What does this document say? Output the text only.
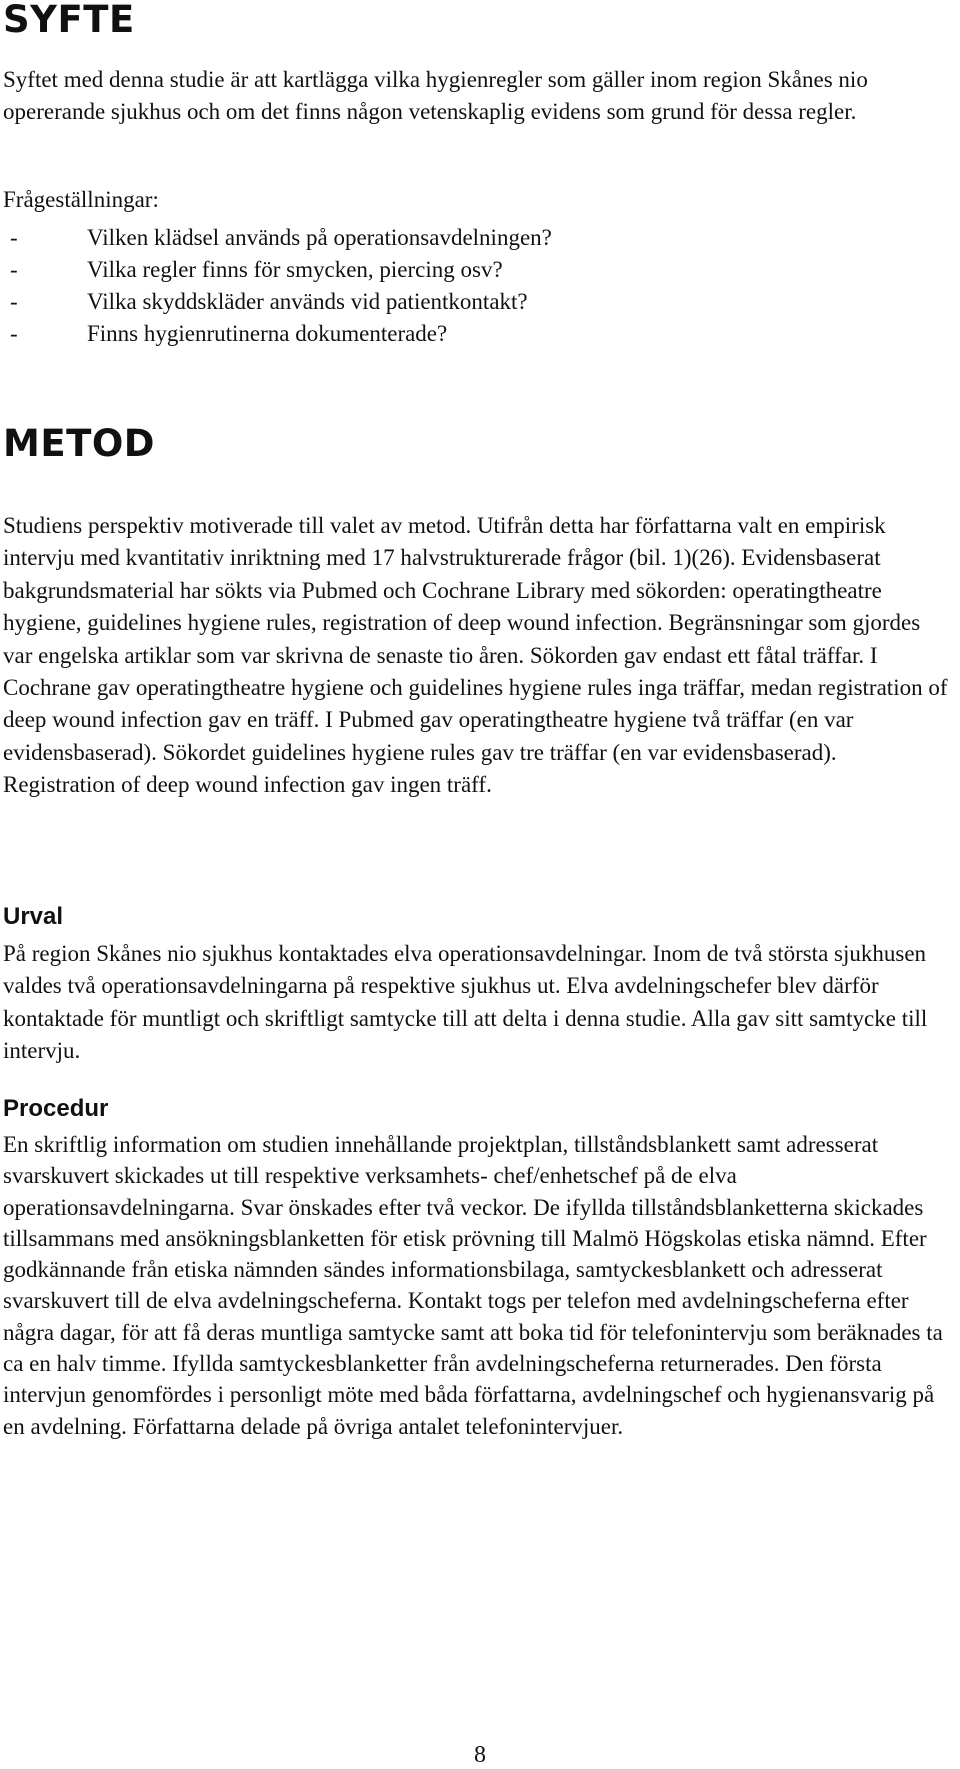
SYFTE

Syftet med denna studie är att kartlägga vilka hygienregler som gäller inom region Skånes nio opererande sjukhus och om det finns någon vetenskaplig evidens som grund för dessa regler.

Frågeställningar:

-	Vilken klädsel används på operationsavdelningen?
-	Vilka regler finns för smycken, piercing osv?
-	Vilka skyddskläder används vid patientkontakt?
-	Finns hygienrutinerna dokumenterade?
METOD

Studiens perspektiv motiverade till valet av metod. Utifrån detta har författarna valt en empirisk intervju med kvantitativ inriktning med 17 halvstrukturerade frågor (bil. 1)(26). Evidensbaserat bakgrundsmaterial har sökts via Pubmed och Cochrane Library med sökorden: operatingtheatre hygiene, guidelines hygiene rules, registration of deep wound infection. Begränsningar som gjordes var engelska artiklar som var skrivna de senaste tio åren. Sökorden gav endast ett fåtal träffar. I Cochrane gav operatingtheatre hygiene och guidelines hygiene rules inga träffar, medan registration of deep wound infection gav en träff. I Pubmed gav operatingtheatre hygiene två träffar (en var evidensbaserad). Sökordet guidelines hygiene rules gav tre träffar (en var evidensbaserad). Registration of deep wound infection gav ingen träff.

Urval

På region Skånes nio sjukhus kontaktades elva operationsavdelningar. Inom de två största sjukhusen valdes två operationsavdelningarna på respektive sjukhus ut. Elva avdelningschefer blev därför kontaktade för muntligt och skriftligt samtycke till att delta i denna studie. Alla gav sitt samtycke till intervju.

Procedur

En skriftlig information om studien innehållande projektplan, tillståndsblankett samt adresserat svarskuvert skickades ut till respektive verksamhets- chef/enhetschef på de elva operationsavdelningarna. Svar önskades efter två veckor. De ifyllda tillståndsblanketterna skickades tillsammans med ansökningsblanketten för etisk prövning till Malmö Högskolas etiska nämnd. Efter godkännande från etiska nämnden sändes informationsbilaga, samtyckesblankett och adresserat svarskuvert till de elva avdelningscheferna. Kontakt togs per telefon med avdelningscheferna efter några dagar, för att få deras muntliga samtycke samt att boka tid för telefonintervju som beräknades ta ca en halv timme. Ifyllda samtyckesblanketter från avdelningscheferna returnerades. Den första intervjun genomfördes i personligt möte med båda författarna, avdelningschef och hygienansvarig på en avdelning. Författarna delade på övriga antalet telefonintervjuer.

8
